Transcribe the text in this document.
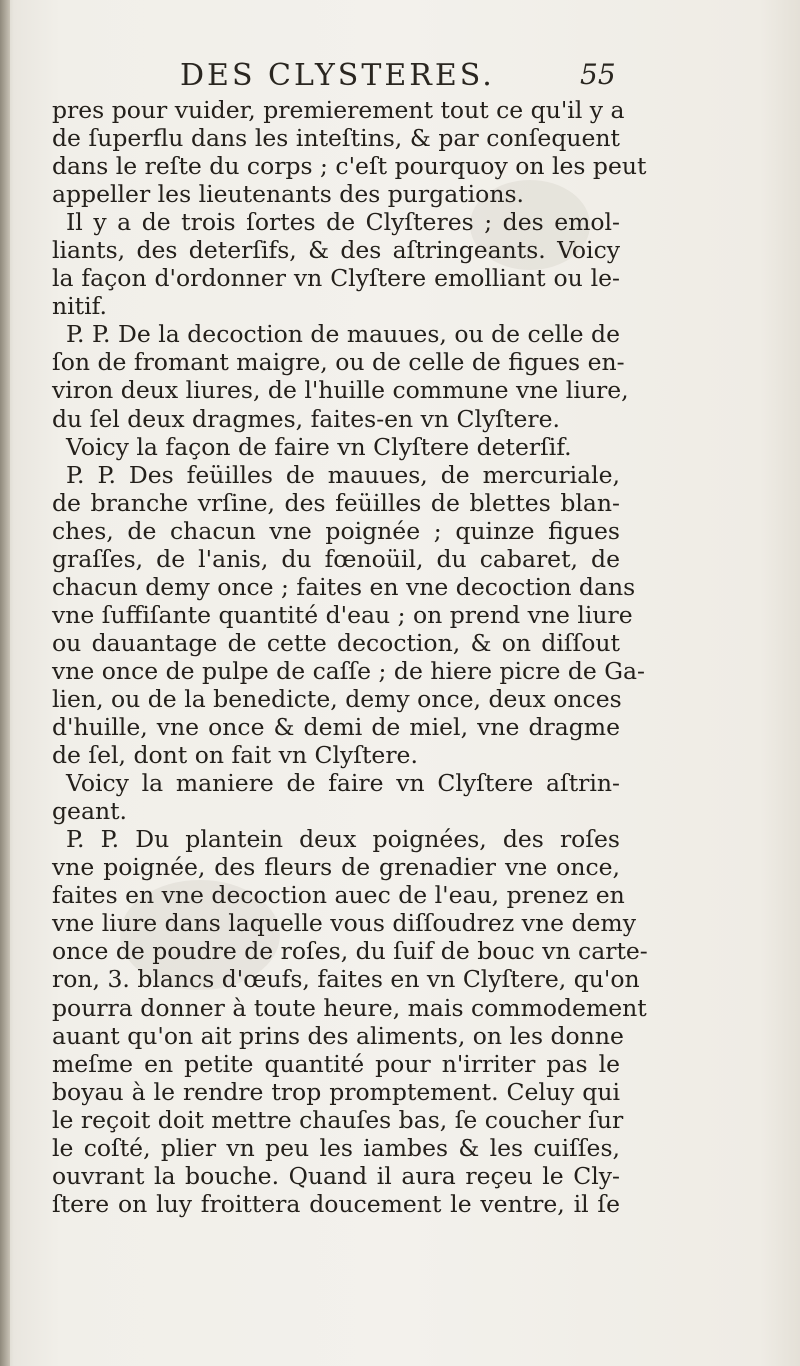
DES CLYSTERES.	55
pres pour vuider, premierement tout ce qu'il y a
de ſuperflu dans les inteſtins, & par conſequent
dans le reſte du corps ; c'eſt pourquoy on les peut
appeller les lieutenants des purgations.
Il y a de trois ſortes de Clyſteres ; des emol-
liants, des deterſifs, & des aſtringeants. Voicy
la façon d'ordonner vn Clyſtere emolliant ou le-
nitif.
P. P. De la decoction de mauues, ou de celle de
ſon de fromant maigre, ou de celle de figues en-
viron deux liures, de l'huille commune vne liure,
du ſel deux dragmes, faites-en vn Clyſtere.
Voicy la façon de faire vn Clyſtere deterſif.
P. P. Des feüilles de mauues, de mercuriale,
de branche vrſine, des feüilles de blettes blan-
ches, de chacun vne poignée ; quinze figues
graſſes, de l'anis, du fœnoüil, du cabaret, de
chacun demy once ; faites en vne decoction dans
vne ſuffiſante quantité d'eau ; on prend vne liure
ou dauantage de cette decoction, & on diſſout
vne once de pulpe de caſſe ; de hiere picre de Ga-
lien, ou de la benedicte, demy once, deux onces
d'huille, vne once & demi de miel, vne dragme
de ſel, dont on fait vn Clyſtere.
Voicy la maniere de faire vn Clyſtere aſtrin-
geant.
P. P. Du plantein deux poignées, des roſes
vne poignée, des fleurs de grenadier vne once,
faites en vne decoction auec de l'eau, prenez en
vne liure dans laquelle vous diſſoudrez vne demy
once de poudre de roſes, du ſuif de bouc vn carte-
ron, 3. blancs d'œufs, faites en vn Clyſtere, qu'on
pourra donner à toute heure, mais commodement
auant qu'on ait prins des aliments, on les donne
meſme en petite quantité pour n'irriter pas le
boyau à le rendre trop promptement. Celuy qui
le reçoit doit mettre chauſes bas, ſe coucher ſur
le coſté, plier vn peu les iambes & les cuiſſes,
ouvrant la bouche. Quand il aura reçeu le Cly-
ſtere on luy froittera doucement le ventre, il ſe
